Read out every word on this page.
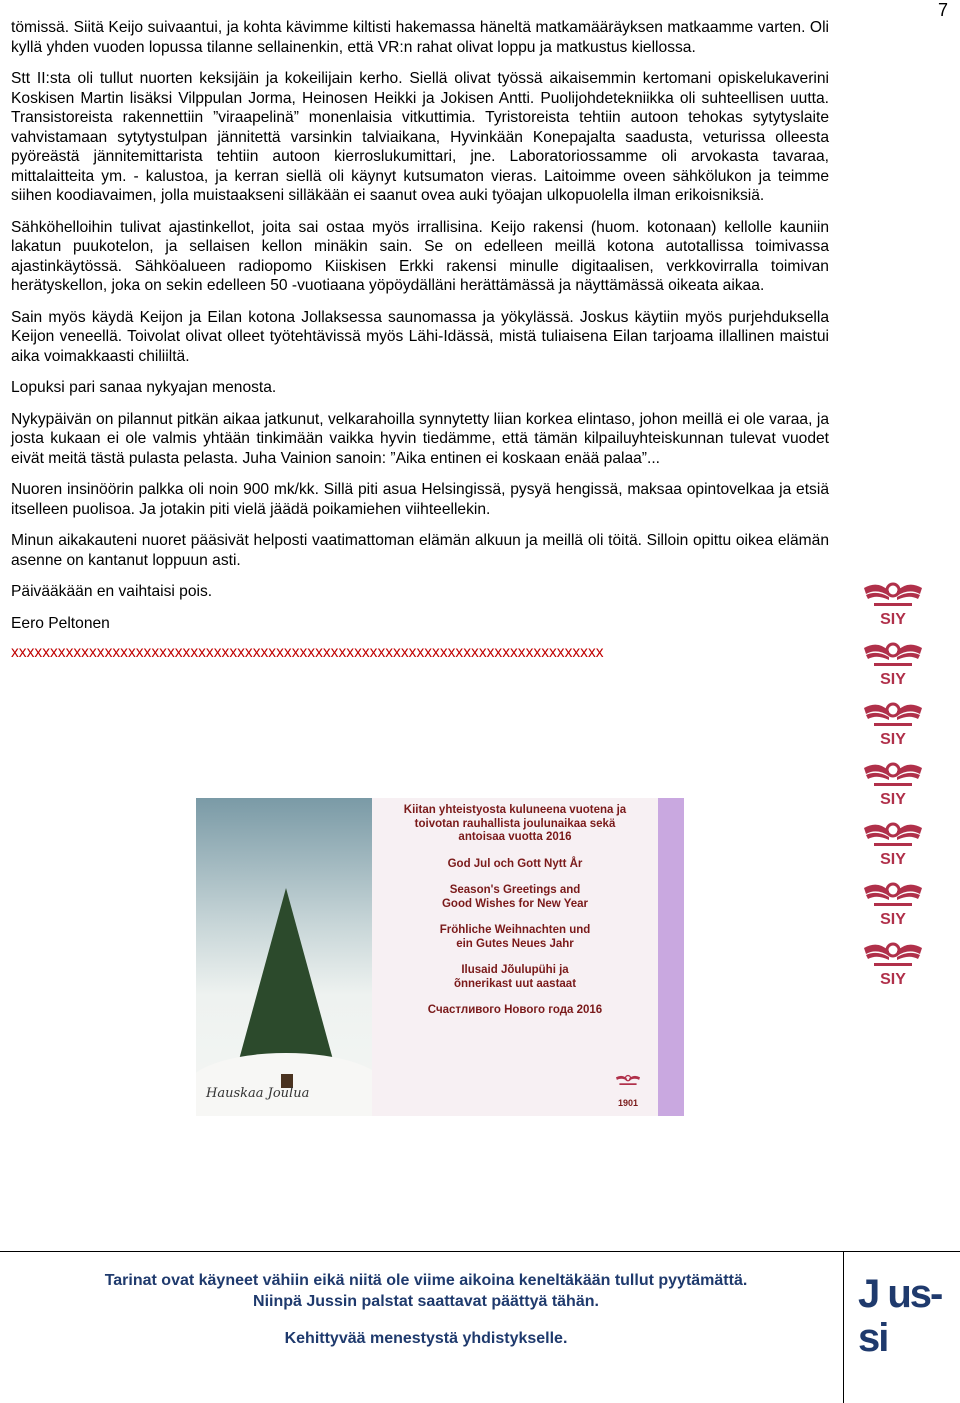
7

tömissä. Siitä Keijo suivaantui, ja kohta kävimme kiltisti hakemassa häneltä matkamääräyksen matkaamme varten. Oli kyllä yhden vuoden lopussa tilanne sellainenkin, että VR:n rahat olivat loppu ja matkustus kiellossa.

Stt II:sta oli tullut nuorten keksijäin ja kokeilijain kerho. Siellä olivat työssä aikaisemmin kertomani opiskelukaverini Koskisen Martin lisäksi Vilppulan Jorma, Heinosen Heikki ja Jokisen Antti. Puolijohdetekniikka oli suhteellisen uutta. Transistoreista rakennettiin ”viraapelinä” monenlaisia vitkuttimia. Tyristoreista tehtiin autoon tehokas sytytyslaite vahvistamaan sytytystulpan jännitettä varsinkin talviaikana, Hyvinkään Konepajalta saadusta, veturissa olleesta pyöreästä jännitemittarista tehtiin autoon kierroslukumittari, jne. Laboratoriossamme oli arvokasta tavaraa, mittalaitteita ym. - kalustoa, ja kerran siellä oli käynyt kutsumaton vieras. Laitoimme oveen sähkölukon ja teimme siihen koodiavaimen, jolla muistaakseni silläkään ei saanut ovea auki työajan ulkopuolella ilman erikoisniksiä.

Sähköhelloihin tulivat ajastinkellot, joita sai ostaa myös irrallisina. Keijo rakensi (huom. kotonaan) kellolle kauniin lakatun puukotelon, ja sellaisen kellon minäkin sain. Se on edelleen meillä kotona autotallissa toimivassa ajastinkäytössä. Sähköalueen radiopomo Kiiskisen Erkki rakensi minulle digitaalisen, verkkovirralla toimivan herätyskellon, joka on sekin edelleen 50 -vuotiaana yöpöydälläni herättämässä ja näyttämässä oikeata aikaa.

Sain myös käydä Keijon ja Eilan kotona Jollaksessa saunomassa ja yökylässä. Joskus käytiin myös purjehduksella Keijon veneellä. Toivolat olivat olleet työtehtävissä myös Lähi-Idässä, mistä tuliaisena Eilan tarjoama illallinen maistui aika voimakkaasti chiliiltä.

Lopuksi pari sanaa nykyajan menosta.

Nykypäivän on pilannut pitkän aikaa jatkunut, velkarahoilla synnytetty liian korkea elintaso, johon meillä ei ole varaa, ja josta kukaan ei ole valmis yhtään tinkimään vaikka hyvin tiedämme, että tämän kilpailuyhteiskunnan tulevat vuodet eivät meitä tästä pulasta pelasta. Juha Vainion sanoin: ”Aika entinen ei koskaan enää palaa”...

Nuoren insinöörin palkka oli noin 900 mk/kk. Sillä piti asua Helsingissä, pysyä hengissä, maksaa opintovelkaa ja etsiä itselleen puolisoa. Ja jotakin piti vielä jäädä poikamiehen viihteellekin.

Minun aikakauteni nuoret pääsivät helposti vaatimattoman elämän alkuun ja meillä oli töitä. Silloin opittu oikea elämän asenne on kantanut loppuun asti.

Päivääkään en vaihtaisi pois.

Eero Peltonen

xxxxxxxxxxxxxxxxxxxxxxxxxxxxxxxxxxxxxxxxxxxxxxxxxxxxxxxxxxxxxxxxxxxxxxxxxxxx
Hauskaa Joulua
Kiitan yhteistyosta kuluneena vuotena ja
toivotan rauhallista joulunaikaa sekä
antoisaa vuotta 2016
God Jul och Gott Nytt År
Season's Greetings and
Good Wishes for New Year
Fröhliche Weihnachten und
ein Gutes Neues Jahr
Ilusaid Jõulupühi ja
õnnerikast uut aastaat
Счастливого Нового года 2016
1901
SIY
SIY
SIY
SIY
SIY
SIY
SIY
Tarinat ovat käyneet vähiin eikä niitä ole viime aikoina keneltäkään tullut pyytämättä.
Niinpä Jussin palstat saattavat päättyä tähän.
Kehittyvää menestystä yhdistykselle.
J us-
si
